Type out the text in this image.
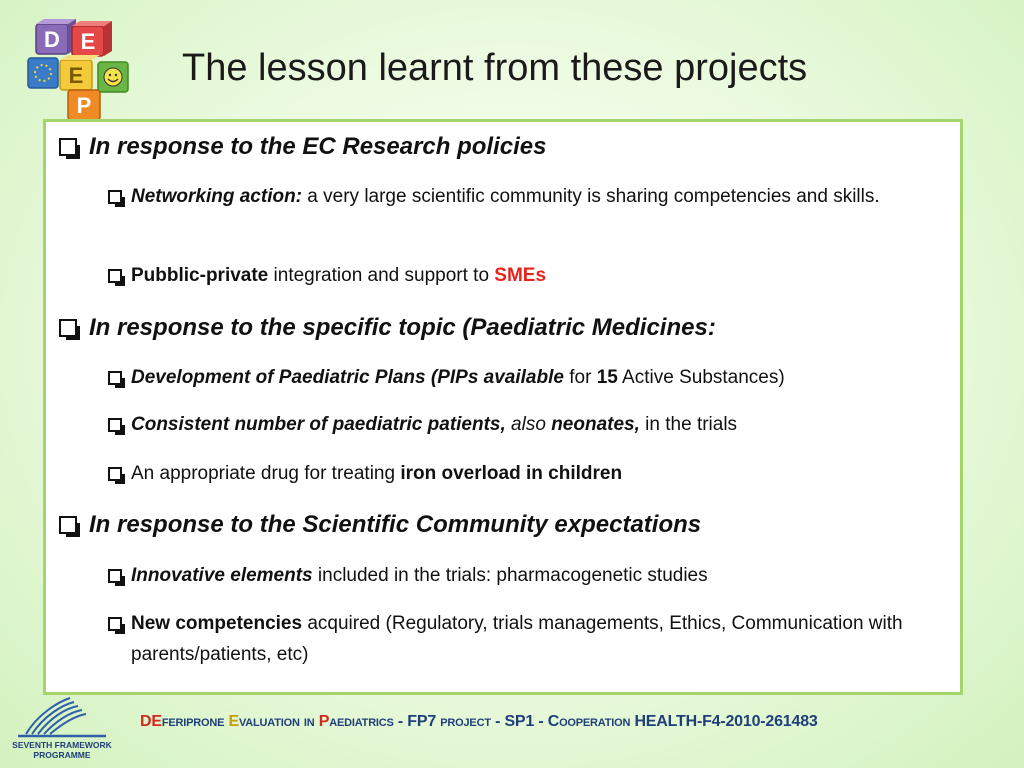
D E
E
P
The lesson learnt from these projects
In response to the EC Research policies
Networking action: a very large scientific community is sharing competencies and skills.
Pubblic-private integration and support to SMEs
In response to the specific topic (Paediatric Medicines:
Development of Paediatric Plans (PIPs available for 15 Active Substances)
Consistent number of paediatric patients, also neonates, in the trials
An appropriate drug for treating iron overload in children
In response to the Scientific Community expectations
Innovative elements included in the trials: pharmacogenetic studies
New competencies acquired (Regulatory, trials managements, Ethics, Communication with parents/patients, etc)
SEVENTH FRAMEWORK
PROGRAMME
DEferiprone Evaluation in Paediatrics - FP7 project - SP1 - Cooperation HEALTH-F4-2010-261483
